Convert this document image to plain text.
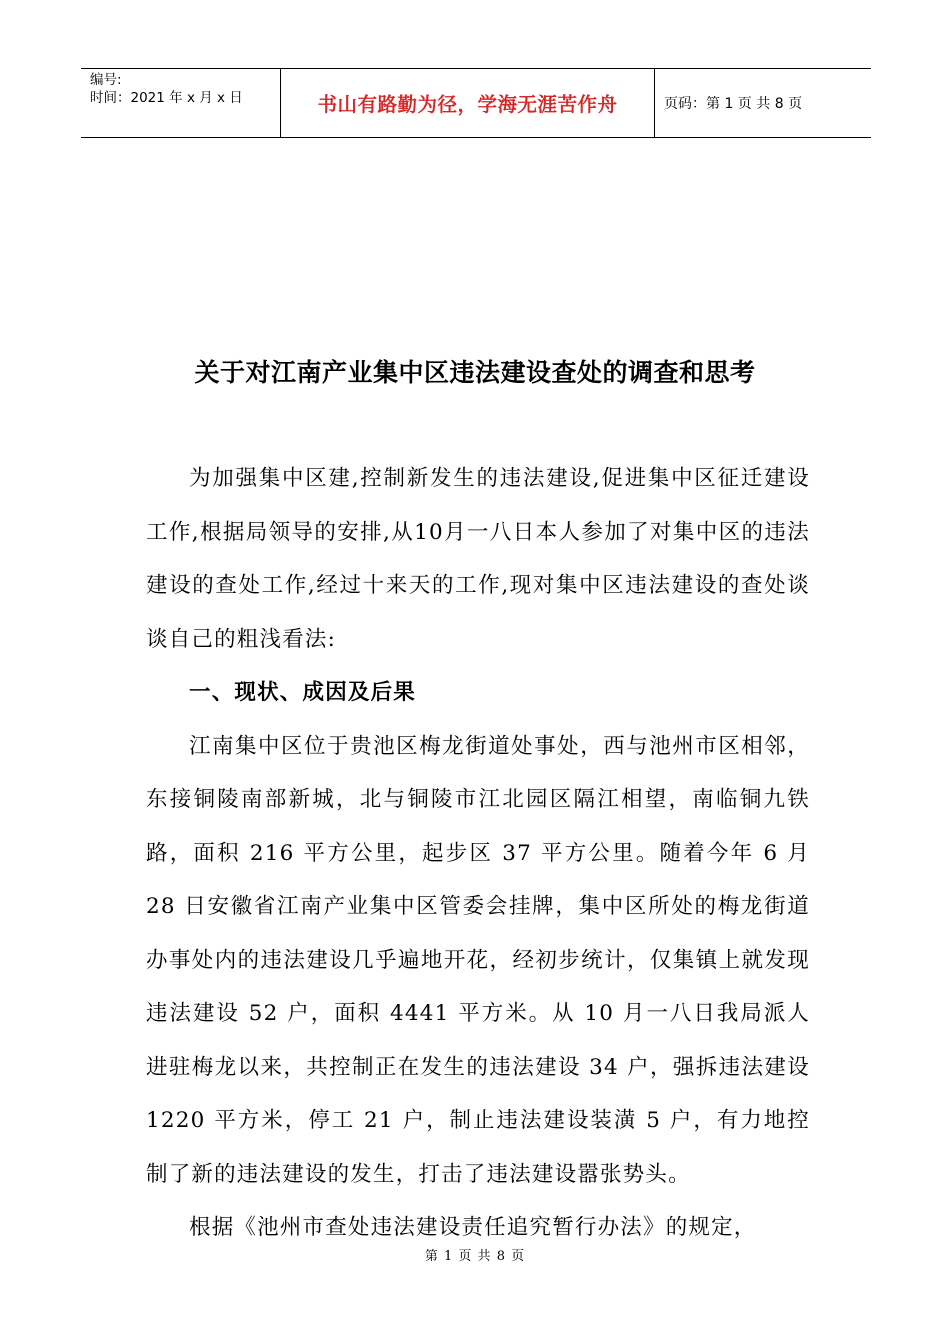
编号:
时间：2021 年 x 月 x 日	书山有路勤为径，学海无涯苦作舟	页码：第 1 页 共 8 页
关于对江南产业集中区违法建设查处的调查和思考

为加强集中区建,控制新发生的违法建设,促进集中区征迁建设工作,根据局领导的安排,从10月一八日本人参加了对集中区的违法建设的查处工作,经过十来天的工作,现对集中区违法建设的查处谈谈自己的粗浅看法:

一、现状、成因及后果

江南集中区位于贵池区梅龙街道处事处，西与池州市区相邻，东接铜陵南部新城，北与铜陵市江北园区隔江相望，南临铜九铁路，面积 216 平方公里，起步区 37 平方公里。随着今年 6 月 28 日安徽省江南产业集中区管委会挂牌，集中区所处的梅龙街道办事处内的违法建设几乎遍地开花，经初步统计，仅集镇上就发现违法建设 52 户，面积 4441 平方米。从 10 月一八日我局派人进驻梅龙以来，共控制正在发生的违法建设 34 户，强拆违法建设 1220 平方米，停工 21 户，制止违法建设装潢 5 户，有力地控制了新的违法建设的发生，打击了违法建设嚣张势头。

根据《池州市查处违法建设责任追究暂行办法》的规定，

第 1 页 共 8 页
